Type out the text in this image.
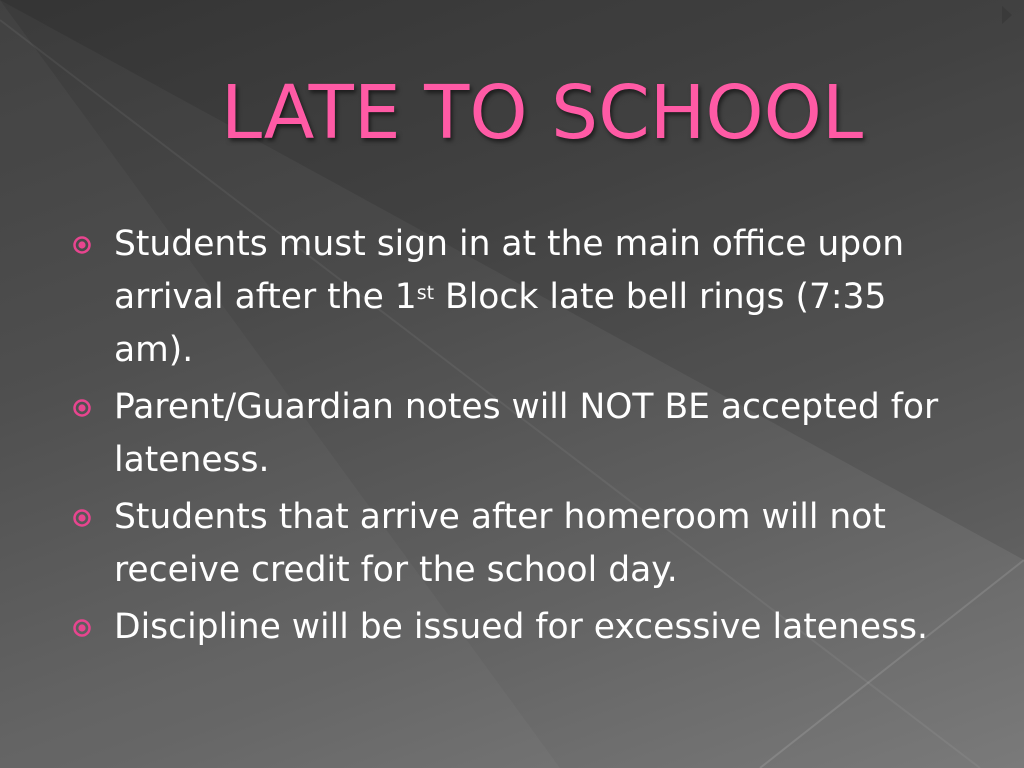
LATE TO SCHOOL
Students must sign in at the main office upon arrival after the 1st Block late bell rings (7:35 am).
Parent/Guardian notes will NOT BE accepted for lateness.
Students that arrive after homeroom will not receive credit for the school day.
Discipline will be issued for excessive lateness.
